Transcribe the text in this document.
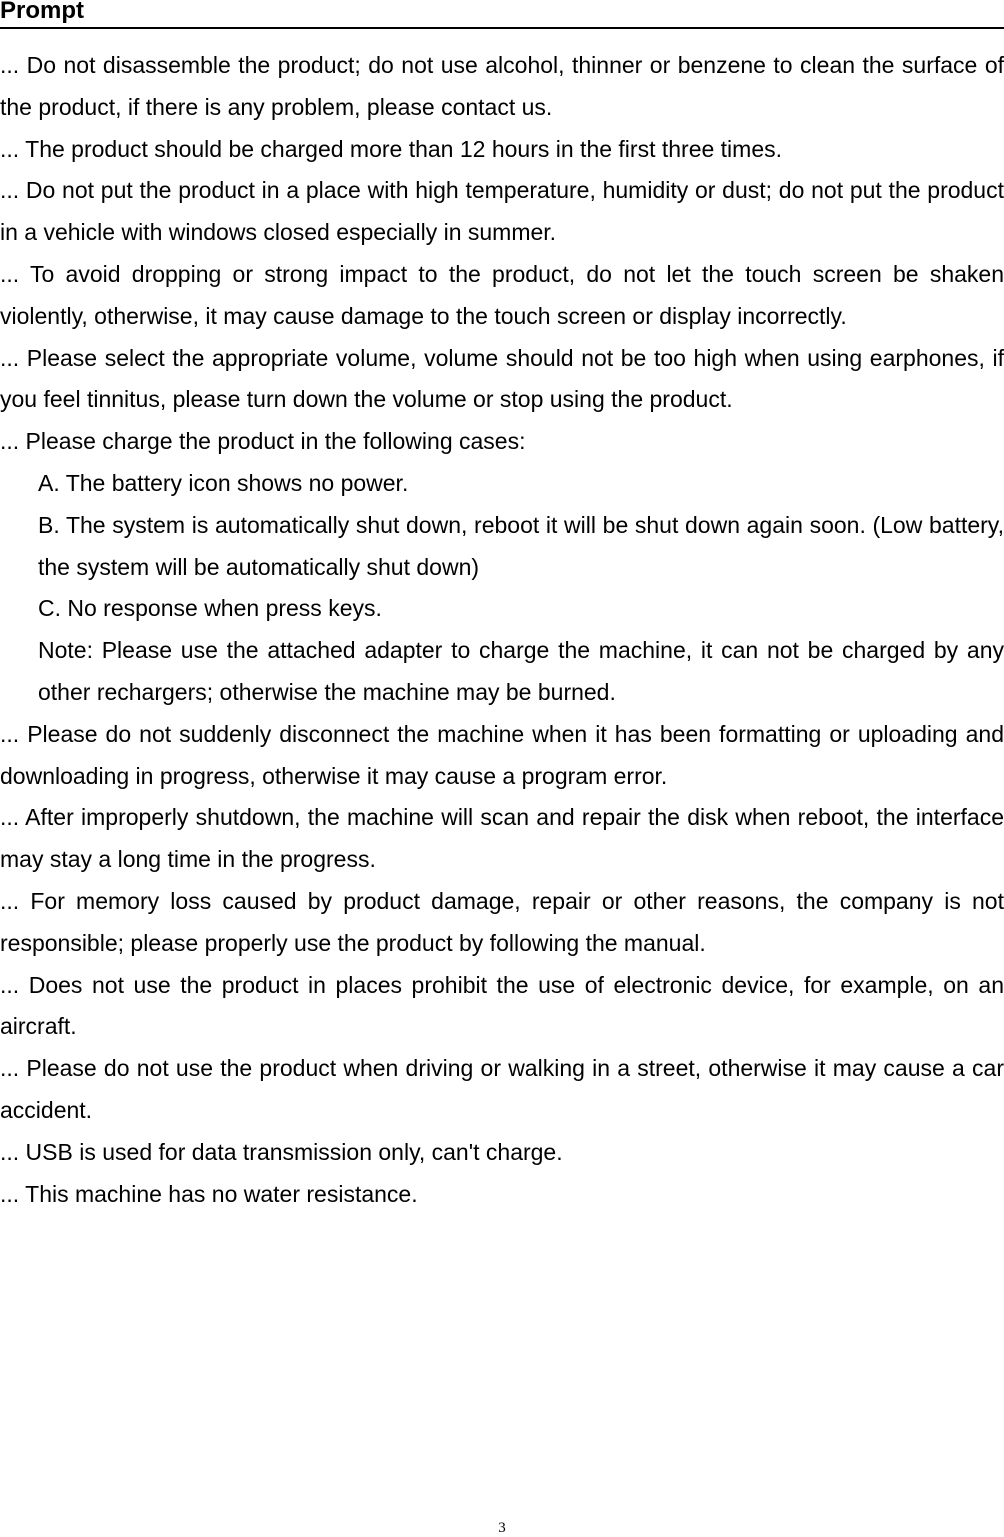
Prompt

... Do not disassemble the product; do not use alcohol, thinner or benzene to clean the surface of the product, if there is any problem, please contact us.

... The product should be charged more than 12 hours in the first three times.

... Do not put the product in a place with high temperature, humidity or dust; do not put the product in a vehicle with windows closed especially in summer.

... To avoid dropping or strong impact to the product, do not let the touch screen be shaken violently, otherwise, it may cause damage to the touch screen or display incorrectly.

... Please select the appropriate volume, volume should not be too high when using earphones, if you feel tinnitus, please turn down the volume or stop using the product.

... Please charge the product in the following cases:

A. The battery icon shows no power.

B. The system is automatically shut down, reboot it will be shut down again soon. (Low battery, the system will be automatically shut down)

C. No response when press keys.

Note: Please use the attached adapter to charge the machine, it can not be charged by any other rechargers; otherwise the machine may be burned.

... Please do not suddenly disconnect the machine when it has been formatting or uploading and downloading in progress, otherwise it may cause a program error.

... After improperly shutdown, the machine will scan and repair the disk when reboot, the interface may stay a long time in the progress.

... For memory loss caused by product damage, repair or other reasons, the company is not responsible; please properly use the product by following the manual.

... Does not use the product in places prohibit the use of electronic device, for example, on an aircraft.

... Please do not use the product when driving or walking in a street, otherwise it may cause a car accident.

... USB is used for data transmission only, can't charge.

... This machine has no water resistance.

3
